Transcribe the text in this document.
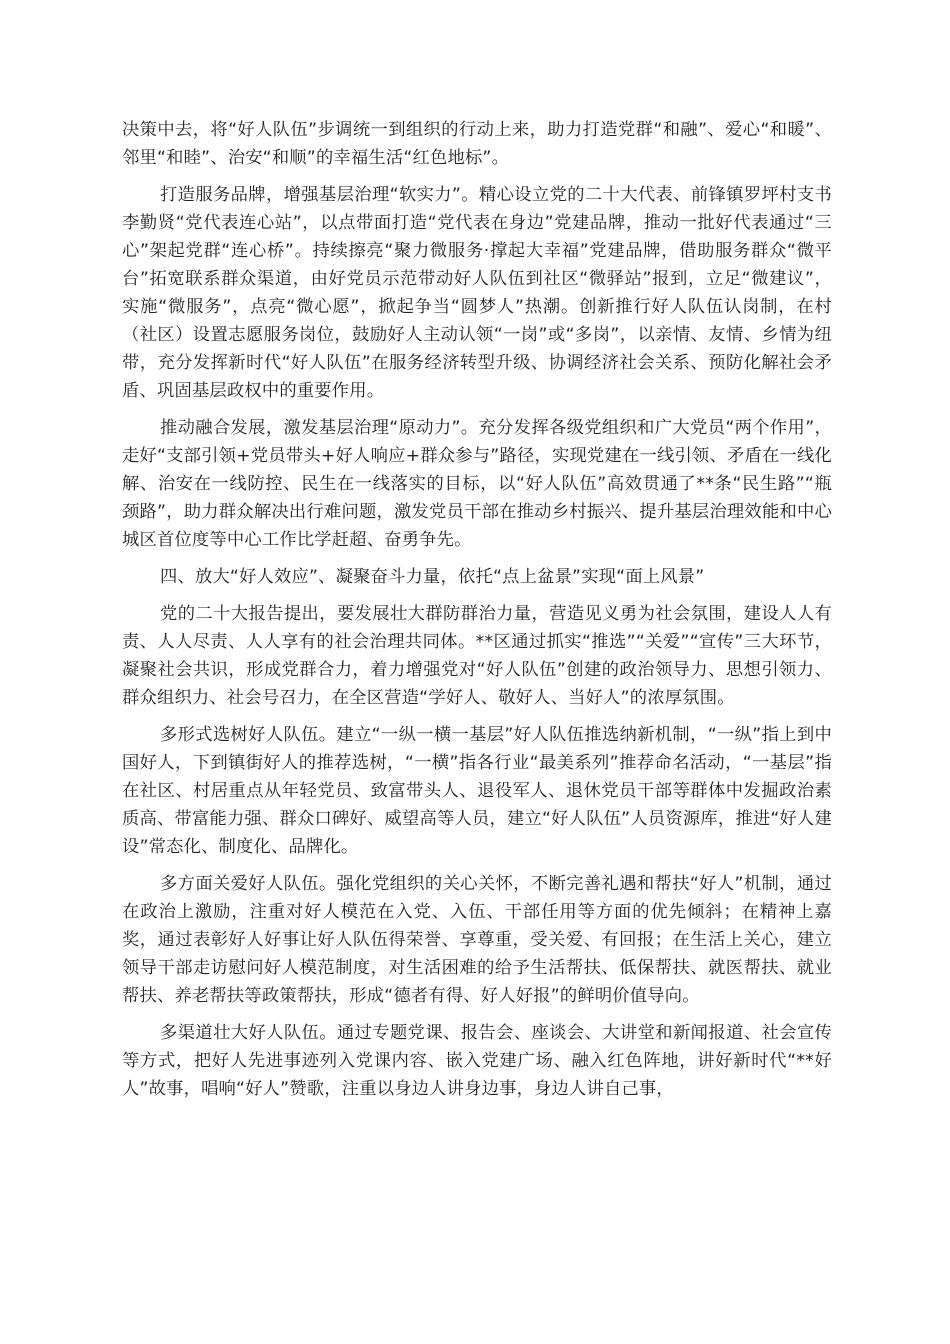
决策中去，将“好人队伍”步调统一到组织的行动上来，助力打造党群“和融”、爱心“和暖”、邻里“和睦”、治安“和顺”的幸福生活“红色地标”。

打造服务品牌，增强基层治理“软实力”。精心设立党的二十大代表、前锋镇罗坪村支书李勤贤“党代表连心站”，以点带面打造“党代表在身边”党建品牌，推动一批好代表通过“三心”架起党群“连心桥”。持续擦亮“聚力微服务·撑起大幸福”党建品牌，借助服务群众“微平台”拓宽联系群众渠道，由好党员示范带动好人队伍到社区“微驿站”报到，立足“微建议”，实施“微服务”，点亮“微心愿”，掀起争当“圆梦人”热潮。创新推行好人队伍认岗制，在村（社区）设置志愿服务岗位，鼓励好人主动认领“一岗”或“多岗”，以亲情、友情、乡情为纽带，充分发挥新时代“好人队伍”在服务经济转型升级、协调经济社会关系、预防化解社会矛盾、巩固基层政权中的重要作用。

推动融合发展，激发基层治理“原动力”。充分发挥各级党组织和广大党员“两个作用”，走好“支部引领+党员带头+好人响应+群众参与”路径，实现党建在一线引领、矛盾在一线化解、治安在一线防控、民生在一线落实的目标，以“好人队伍”高效贯通了**条“民生路”“瓶颈路”，助力群众解决出行难问题，激发党员干部在推动乡村振兴、提升基层治理效能和中心城区首位度等中心工作比学赶超、奋勇争先。

四、放大“好人效应”、凝聚奋斗力量，依托“点上盆景”实现“面上风景”

党的二十大报告提出，要发展壮大群防群治力量，营造见义勇为社会氛围，建设人人有责、人人尽责、人人享有的社会治理共同体。**区通过抓实“推选”“关爱”“宣传”三大环节，凝聚社会共识，形成党群合力，着力增强党对“好人队伍”创建的政治领导力、思想引领力、群众组织力、社会号召力，在全区营造“学好人、敬好人、当好人”的浓厚氛围。

多形式选树好人队伍。建立“一纵一横一基层”好人队伍推选纳新机制，“一纵”指上到中国好人，下到镇街好人的推荐选树，“一横”指各行业“最美系列”推荐命名活动，“一基层”指在社区、村居重点从年轻党员、致富带头人、退役军人、退休党员干部等群体中发掘政治素质高、带富能力强、群众口碑好、威望高等人员，建立“好人队伍”人员资源库，推进“好人建设”常态化、制度化、品牌化。

多方面关爱好人队伍。强化党组织的关心关怀，不断完善礼遇和帮扶“好人”机制，通过在政治上激励，注重对好人模范在入党、入伍、干部任用等方面的优先倾斜；在精神上嘉奖，通过表彰好人好事让好人队伍得荣誉、享尊重，受关爱、有回报；在生活上关心，建立领导干部走访慰问好人模范制度，对生活困难的给予生活帮扶、低保帮扶、就医帮扶、就业帮扶、养老帮扶等政策帮扶，形成“德者有得、好人好报”的鲜明价值导向。

多渠道壮大好人队伍。通过专题党课、报告会、座谈会、大讲堂和新闻报道、社会宣传等方式，把好人先进事迹列入党课内容、嵌入党建广场、融入红色阵地，讲好新时代“**好人”故事，唱响“好人”赞歌，注重以身边人讲身边事，身边人讲自己事，
